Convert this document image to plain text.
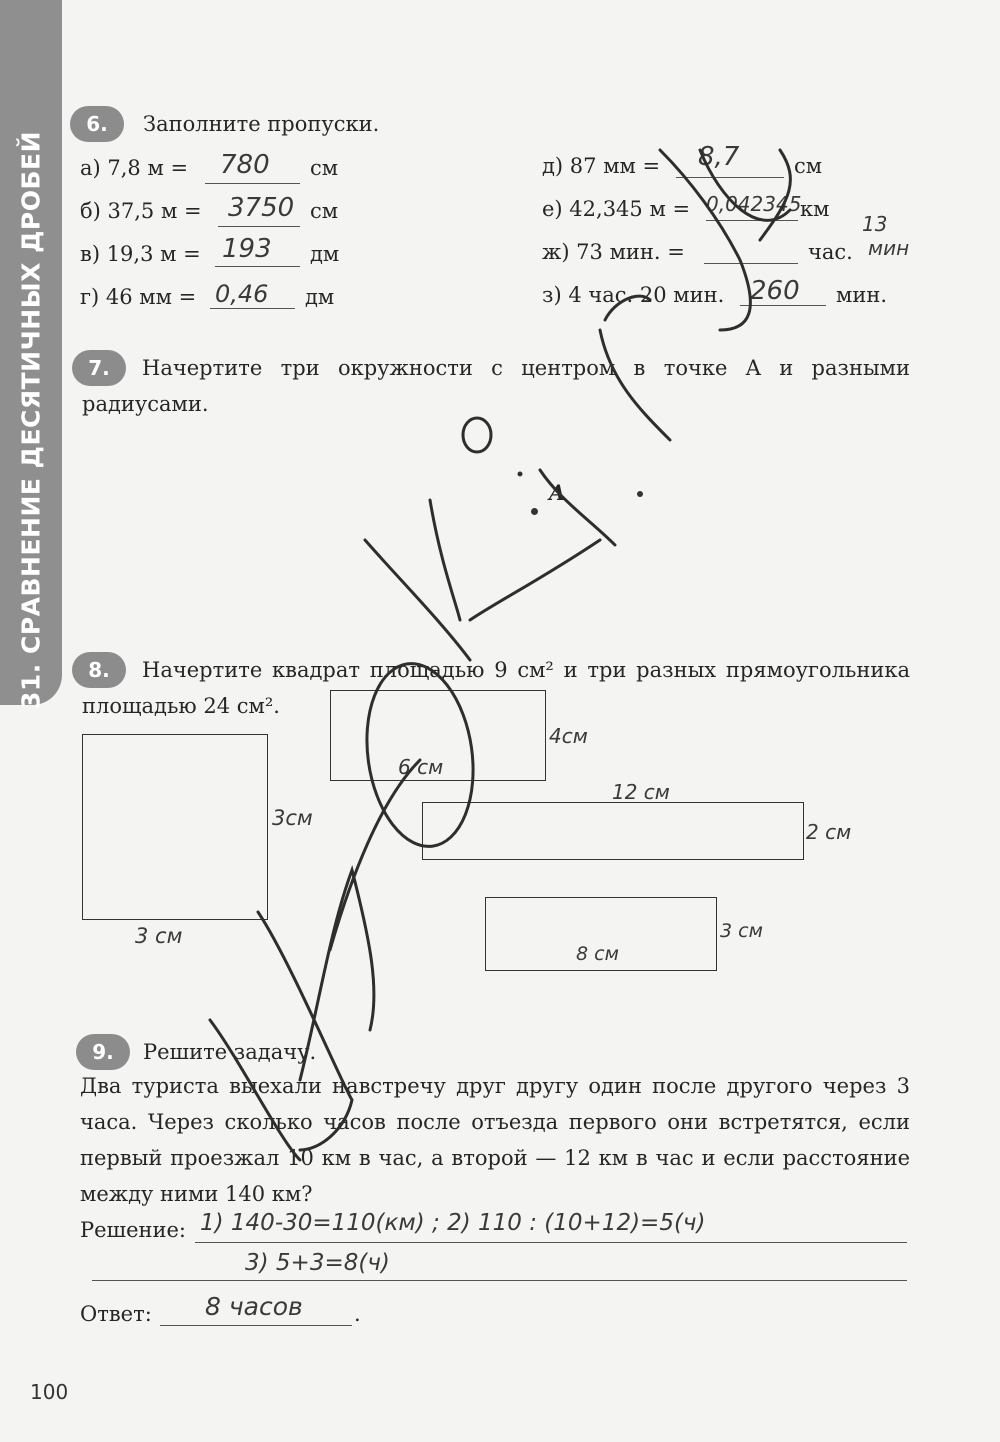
31. СРАВНЕНИЕ ДЕСЯТИЧНЫХ ДРОБЕЙ
6.	Заполните пропуски.
а) 7,8 м = 780 см
б) 37,5 м = 3750 см
в) 19,3 м = 193 дм
г) 46 мм = 0,46 дм
д) 87 мм = 8,7	см
е) 42,345 м = 0,042345
км
ж) 73 мин. =	час.
13
мин
з) 4 час. 20 мин. 260 мин.
7.	Начертите три окружности с центром в точке A и разными радиусами.
A
8.	Начертите квадрат площадью 9 см² и три разных прямоугольника площадью 24 см².
3см
3 см
4см
6 см
12 см
2 см
3 см
8 см
9.	Решите задачу.
Два туриста выехали навстречу друг другу один после другого через 3 часа. Через сколько часов после отъезда первого они встретятся, если первый проезжал 10 км в час, а второй — 12 км в час и если расстояние между ними 140 км?
Решение: 1) 140-30=110(км) ; 2) 110 : (10+12)=5(ч)
3) 5+3=8(ч)
Ответ: 8 часов .
100
